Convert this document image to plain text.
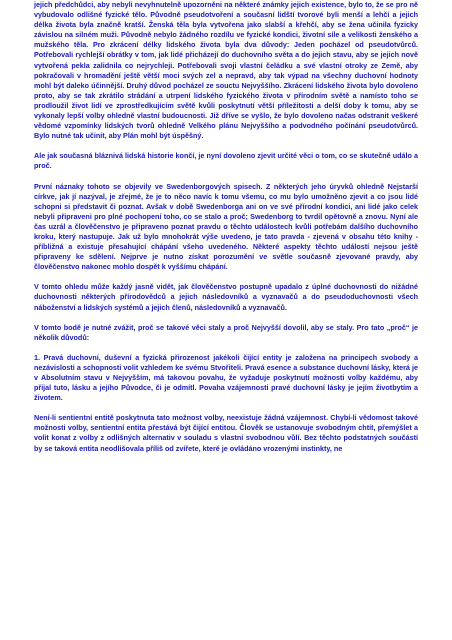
jejich předchůdci, aby nebyli nevyhnutelně upozorněni na některé známky jejich existence, bylo to, že se pro ně vybudovalo odlišné fyzické tělo. Původně pseudotvoření a současní lidští tvorové byli menší a lehčí a jejich délka života byla značně kratší. Ženská těla byla vytvořena jako slabší a křehčí, aby se žena učinila fyzicky závislou na silném muži. Původně nebylo žádného rozdílu ve fyzické kondici, životní síle a velikosti ženského a mužského těla. Pro zkrácení délky lidského života byla dva důvody: Jeden pocházel od pseudotvůrců. Potřebovali rychlejší obrátky v tom, jak lidé přicházejí do duchovního světa a do jejich stavu, aby se jejich nově vytvořená pekla zalidnila co nejrychleji. Potřebovali svoji vlastní čeládku a své vlastní otroky ze Země, aby pokračovali v hromadění ještě větší moci svých zel a nepravd, aby tak výpad na všechny duchovní hodnoty mohl být daleko účinnější. Druhý důvod pocházel ze souctu Nejvyššího. Zkrácení lidského života bylo dovoleno proto, aby se tak zkrátilo strádání a utrpení lidského fyzického života v přírodním světě a namísto toho se prodloužil život lidí ve zprostředkujícím světě kvůli poskytnutí větší příležitosti a delší doby k tomu, aby se vykonaly lepší volby ohledně vlastní budoucnosti. Již dříve se vyšlo, že bylo dovoleno načas odstranit veškeré vědomé vzpomínky lidských tvorů ohledně Velkého plánu Nejvyššího a podvodného počínání pseudotvůrců. Bylo nutné tak učinit, aby Plán mohl být úspěšný.

Ale jak současná bláznivá lidská historie končí, je nyní dovoleno zjevit určité věci o tom, co se skutečně událo a proč.

První náznaky tohoto se objevily ve Swedenborgových spisech. Z některých jeho úryvků ohledně Nejstarší církve, jak jí nazýval, je zřejmé, že je to něco navíc k tomu všemu, co mu bylo umožněno zjevit a co jsou lidé schopni si představit či poznat. Avšak v době Swedenborga ani on ve své přírodní kondici, ani lidé jako celek nebyli připraveni pro plné pochopení toho, co se stalo a proč; Swedenborg to tvrdil opětovně a znovu. Nyní ale čas uzrál a člověčenstvo je připraveno poznat pravdu o těchto událostech kvůli potřebám dalšího duchovního kroku, který nastupuje. Jak už bylo mnohokrát výše uvedeno, je tato pravda - zjevená v obsahu této knihy - příbližná a existuje přesahující chápání všeho uvedeného. Některé aspekty těchto událostí nejsou ještě připraveny ke sdělení. Nejprve je nutno získat porozumění ve světle současně zjevované pravdy, aby člověčenstvo nakonec mohlo dospět k vyššímu chápání.

V tomto ohledu může každý jasně vidět, jak člověčenstvo postupně upadalo z úplné duchovnosti do nižádné duchovnosti některých přírodovědců a jejich následovníků a vyznavačů a do pseudoduchovnosti všech náboženství a lidských systémů a jejich členů, následovníků a vyznavačů.

V tomto bodě je nutné zvážit, proč se takové věci staly a proč Nejvyšší dovolil, aby se staly. Pro tato „proč“ je několik důvodů:

1. Pravá duchovní, duševní a fyzická přirozenost jakékoli čijící entity je založena na principech svobody a nezávislosti a schopnosti volit vzhledem ke svému Stvořiteli. Pravá esence a substance duchovní lásky, která je v Absolutním stavu v Nejvyšším, má takovou povahu, že vyžaduje poskytnutí možnosti volby každému, aby přijal tuto, lásku a jejího Původce, či je odmítl. Povaha vzájemnosti pravé duchovní lásky je jejím životbytím a životem.

Není-li sentientní entitě poskytnuta tato možnost volby, neexistuje žádná vzájemnost. Chybí-li vědomost takové možnosti volby, sentientní entita přestává být čijící entitou. Člověk se ustanovuje svobodným chtít, přemýšlet a volit konat z volby z odlišných alternativ v souladu s vlastní svobodnou vůlí. Bez těchto podstatných součástí by se taková entita neodlišovala příliš od zvířete, které je ovládáno vrozenými instinkty, ne
